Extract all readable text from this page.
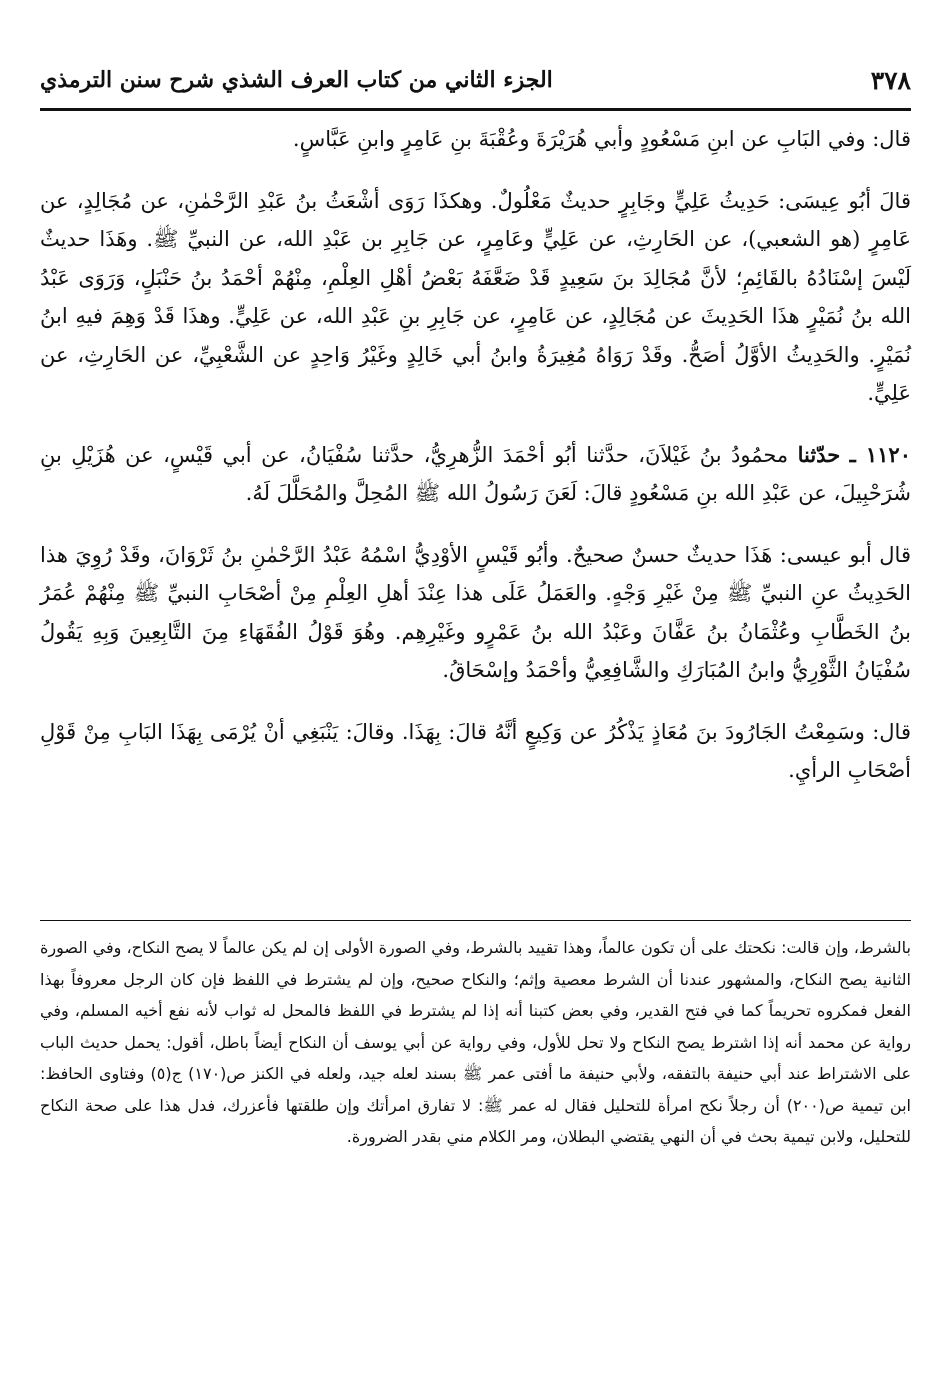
٣٧٨
الجزء الثاني من كتاب العرف الشذي شرح سنن الترمذي

قال: وفي البَابِ عن ابنِ مَسْعُودٍ وأبي هُرَيْرَةَ وعُقْبَةَ بنِ عَامِرٍ وابنِ عَبَّاسٍ.

قالَ أبُو عِيسَى: حَدِيثُ عَلِيٍّ وجَابِرٍ حديثٌ مَعْلُولٌ. وهكذَا رَوَى أشْعَثُ بنُ عَبْدِ الرَّحْمٰنِ، عن مُجَالِدٍ، عن عَامِرٍ (هو الشعبي)، عن الحَارِثِ، عن عَلِيٍّ وعَامِرٍ، عن جَابِرِ بن عَبْدِ الله، عن النبيِّ ﷺ. وهَذَا حديثٌ لَيْسَ إسْنَادُهُ بالقَائِمِ؛ لأنَّ مُجَالِدَ بنَ سَعِيدٍ قَدْ ضَعَّفَهُ بَعْضُ أهْلِ العِلْمِ، مِنْهُمْ أحْمَدُ بنُ حَنْبَلٍ، وَرَوَى عَبْدُ الله بنُ نُمَيْرٍ هذَا الحَدِيثَ عن مُجَالِدٍ، عن عَامِرٍ، عن جَابِرِ بنِ عَبْدِ الله، عن عَلِيٍّ. وهذَا قَدْ وَهِمَ فيهِ ابنُ نُمَيْرٍ. والحَدِيثُ الأوَّلُ أصَحُّ. وقَدْ رَوَاهُ مُغِيرَةُ وابنُ أبي خَالِدٍ وغَيْرُ وَاحِدٍ عن الشَّعْبِيِّ، عن الحَارِثِ، عن عَلِيٍّ.

١١٢٠ ـ حدّثنا محمُودُ بنُ غَيْلاَنَ، حدَّثنا أبُو أحْمَدَ الزُّهرِيُّ، حدَّثنا سُفْيَانُ، عن أبي قَيْسٍ، عن هُزَيْلِ بنِ شُرَحْبِيلَ، عن عَبْدِ الله بنِ مَسْعُودٍ قالَ: لَعَنَ رَسُولُ الله ﷺ المُحِلَّ والمُحَلَّلَ لَهُ.

قال أبو عيسى: هَذَا حديثٌ حسنٌ صحيحٌ. وأبُو قَيْسٍ الأوْدِيُّ اسْمُهُ عَبْدُ الرَّحْمٰنِ بنُ ثَرْوَانَ، وقَدْ رُوِيَ هذا الحَدِيثُ عنِ النبيِّ ﷺ مِنْ غَيْرِ وَجْهٍ. والعَمَلُ عَلَى هذا عِنْدَ أهلِ العِلْمِ مِنْ أصْحَابِ النبيِّ ﷺ مِنْهُمْ عُمَرُ بنُ الخَطَّابِ وعُثْمَانُ بنُ عَفَّانَ وعَبْدُ الله بنُ عَمْرٍو وغَيْرِهِم. وهُوَ قَوْلُ الفُقَهَاءِ مِنَ التَّابِعِينَ وَبِهِ يَقُولُ سُفْيَانُ الثَّوْرِيُّ وابنُ المُبَارَكِ والشَّافِعِيُّ وأحْمَدُ وإسْحَاقُ.

قال: وسَمِعْتُ الجَارُودَ بنَ مُعَاذٍ يَذْكُرُ عن وَكِيعٍ أنَّهُ قالَ: بِهَذَا. وقالَ: يَنْبَغِي أنْ يُرْمَى بِهَذَا البَابِ مِنْ قَوْلِ أصْحَابِ الرأيِ.

بالشرط، وإن قالت: نكحتك على أن تكون عالماً، وهذا تقييد بالشرط، وفي الصورة الأولى إن لم يكن عالماً لا يصح النكاح، وفي الصورة الثانية يصح النكاح، والمشهور عندنا أن الشرط معصية وإثم؛ والنكاح صحيح، وإن لم يشترط في اللفظ فإن كان الرجل معروفاً بهذا الفعل فمكروه تحريماً كما في فتح القدير، وفي بعض كتبنا أنه إذا لم يشترط في اللفظ فالمحل له ثواب لأنه نفع أخيه المسلم، وفي رواية عن محمد أنه إذا اشترط يصح النكاح ولا تحل للأول، وفي رواية عن أبي يوسف أن النكاح أيضاً باطل، أقول: يحمل حديث الباب على الاشتراط عند أبي حنيفة بالتفقه، ولأبي حنيفة ما أفتى عمر ﷺ بسند لعله جيد، ولعله في الكنز ص(١٧٠) ج(٥) وفتاوى الحافظ: ابن تيمية ص(٢٠٠) أن رجلاً نكح امرأة للتحليل فقال له عمر ﷺ: لا تفارق امرأتك وإن طلقتها فأعزرك، فدل هذا على صحة النكاح للتحليل، ولابن تيمية بحث في أن النهي يقتضي البطلان، ومر الكلام مني بقدر الضرورة.
